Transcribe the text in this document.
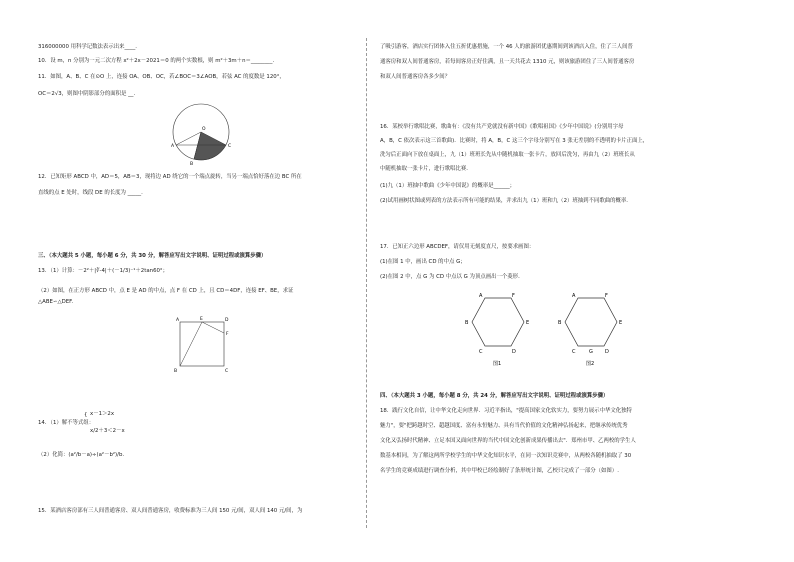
316000000 用科学记数法表示出来____.
10．设 m，n 分别为一元二次方程 x²＋2x－2021＝0 的两个实数根，则 m²＋3m＋n＝________.
11．如图，A、B、C 在⊙O 上，连接 OA、OB、OC，若∠BOC＝3∠AOB，若弦 AC 的度数是 120°，
OC＝2√3，则图中阴影部分的面积是 __.
O
A	C
B
12．已知矩形 ABCD 中，AD＝5，AB＝3，现将边 AD 绕它的一个端点旋转，当另一端点恰好落在边 BC 所在
直线的点 E 处时，线段 DE 的长度为 _____.
三、（本大题共 5 小题，每小题 6 分，共 30 分，解答应写出文字说明、证明过程或演算步骤）
13．（1）计算：－2²＋|∛-4|＋(－1/3)⁻¹＋2tan60°；
（2）如图，在正方形 ABCD 中，点 E 是 AD 的中点，点 F 在 CD 上，且 CD＝4DF，连接 EF、BE，求证
△ABE∽△DEF.
A	E	D
F
B	C
14．（1）解不等式组：
{ x－1＞2x
x/2＋3＜2－x
（2）化简：(a²/b－a)÷(a²－b²)/b.
15．某酒店客房部有三人间普通客房、双人间普通客房，收费标准为三人间 150 元/间，双人间 140 元/间，为
了吸引游客，酒店实行团体入住五折优惠措施，一个 46 人的旅游团优惠期间到该酒店入住，住了三人间普
通客房和双人间普通客房，若每间客房正好住满，且一天共花去 1310 元，则该旅游团住了三人间普通客房
和双人间普通客房各多少间？
16．某校举行歌唱比赛，歌曲有：《没有共产党就没有新中国》《歌唱祖国》《少年中国说》(分别用字母
A，B，C 依次表示这三首歌曲)．比赛时，将 A，B，C 这三个字母分别写在 3 张无差别的不透明的卡片正面上，
洗匀后正面向下放在桌面上，九（1）班班长先从中随机抽取一张卡片，放回后洗匀，再由九（2）班班长从
中随机抽取一张卡片，进行歌唱比赛．
(1)九（1）班抽中歌曲《少年中国说》的概率是______；
(2)试用画树状图或列表的方法表示所有可能的结果，并求出九（1）班和九（2）班抽到不同歌曲的概率．
17．已知正六边形 ABCDEF，请仅用无刻度直尺，按要求画图：
(1)在图 1 中，画出 CD 的中点 G；
(2)在图 2 中，点 G 为 CD 中点以 G 为顶点画出一个菱形．
A	F
B	E
C	D
图1
A	F
B	E
C	G D
图2
四、（本大题共 3 小题，每小题 8 分，共 24 分，解答应写出文字说明、证明过程或演算步骤）
18．践行文化自信，让中华文化走向世界．习近平指出，"提高国家文化软实力，要努力展示中华文化独特
魅力"，要"把跨越时空、超越国度、富有永恒魅力、具有当代价值的文化精神弘扬起来，把继承传统优秀
文化又弘扬时代精神、立足本国又面向世界的当代中国文化创新成果传播出去"．郑州市甲、乙两校的学生人
数基本相同，为了解这两所学校学生的中华文化知识水平，在同一次知识竞赛中，从两校各随机抽取了 30
名学生的竞赛成绩进行调查分析，其中甲校已经绘制好了条形统计图，乙校只完成了一部分（如图）.
